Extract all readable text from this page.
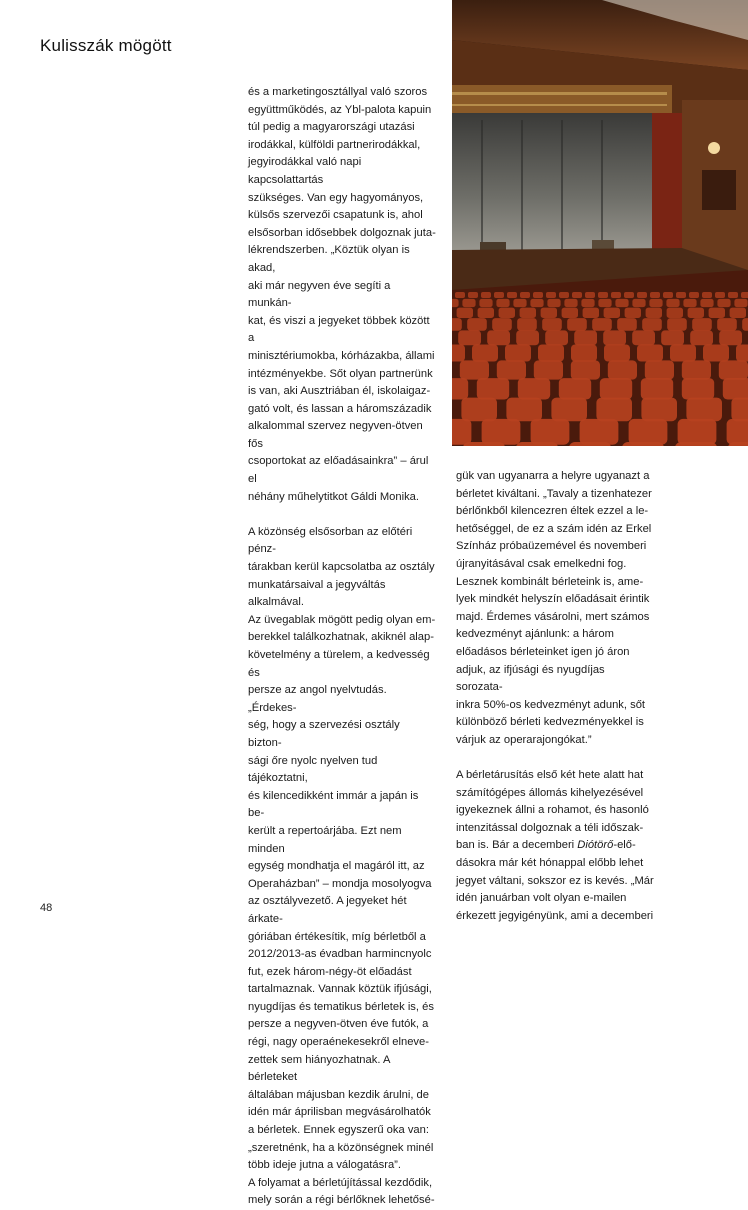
Kulisszák mögött

és a marketingosztállyal való szoros
együttműködés, az Ybl-palota kapuin
túl pedig a magyarországi utazási
irodákkal, külföldi partnerirodákkal,
jegyirodákkal való napi kapcsolattartás
szükséges. Van egy hagyományos,
külsős szervezői csapatunk is, ahol
elsősorban idősebbek dolgoznak juta-
lékrendszerben. „Köztük olyan is akad,
aki már negyven éve segíti a munkán-
kat, és viszi a jegyeket többek között a
minisztériumokba, kórházakba, állami
intézményekbe. Sőt olyan partnerünk
is van, aki Ausztriában él, iskolaigaz-
gató volt, és lassan a háromszázadik
alkalommal szervez negyven-ötven fős
csoportokat az előadásainkra” – árul el
néhány műhelytitkot Gáldi Monika.

A közönség elsősorban az előtéri pénz-
tárakban kerül kapcsolatba az osztály
munkatársaival a jegyváltás alkalmával.
Az üvegablak mögött pedig olyan em-
berekkel találkozhatnak, akiknél alap-
követelmény a türelem, a kedvesség és
persze az angol nyelvtudás. „Érdekes-
ség, hogy a szervezési osztály bizton-
sági őre nyolc nyelven tud tájékoztatni,
és kilencedikként immár a japán is be-
került a repertoárjába. Ezt nem minden
egység mondhatja el magáról itt, az
Operaházban” – mondja mosolyogva
az osztályvezető. A jegyeket hét árkate-
góriában értékesítik, míg bérletből a
2012/2013-as évadban harmincnyolc
fut, ezek három-négy-öt előadást
tartalmaznak. Vannak köztük ifjúsági,
nyugdíjas és tematikus bérletek is, és
persze a negyven-ötven éve futók, a
régi, nagy operaénekesekről elneve-
zettek sem hiányozhatnak. A bérleteket
általában májusban kezdik árulni, de
idén már áprilisban megvásárolhatók
a bérletek. Ennek egyszerű oka van:
„szeretnénk, ha a közönségnek minél
több ideje jutna a válogatásra”.
A folyamat a bérletújítással kezdődik,
mely során a régi bérlőknek lehetősé-

gük van ugyanarra a helyre ugyanazt a
bérletet kiváltani. „Tavaly a tizenhatezer
bérlőnkből kilencezren éltek ezzel a le-
hetőséggel, de ez a szám idén az Erkel
Színház próbaüzemével és novemberi
újranyitásával csak emelkedni fog.
Lesznek kombinált bérleteink is, ame-
lyek mindkét helyszín előadásait érintik
majd. Érdemes vásárolni, mert számos
kedvezményt ajánlunk: a három
előadásos bérleteinket igen jó áron
adjuk, az ifjúsági és nyugdíjas sorozata-
inkra 50%-os kedvezményt adunk, sőt
különböző bérleti kedvezményekkel is
várjuk az operarajongókat.”

A bérletárusítás első két hete alatt hat
számítógépes állomás kihelyezésével
igyekeznek állni a rohamot, és hasonló
intenzitással dolgoznak a téli időszak-
ban is. Bár a decemberi Diótörő-elő-
dásokra már két hónappal előbb lehet
jegyet váltani, sokszor ez is kevés. „Már
idén januárban volt olyan e-mailen
érkezett jegyigényünk, ami a decemberi

48
